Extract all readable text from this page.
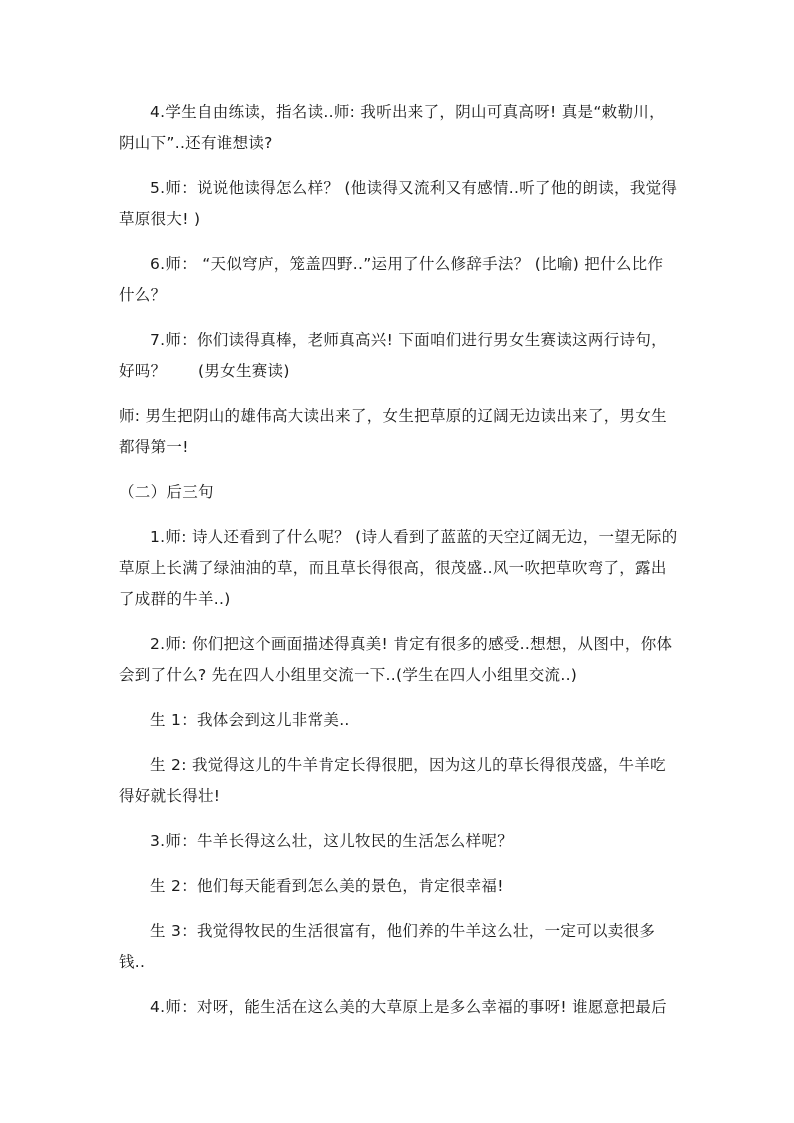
4.学生自由练读，指名读..师: 我听出来了，阴山可真高呀! 真是“敕勒川，阴山下”..还有谁想读?

5.师：说说他读得怎么样？ (他读得又流利又有感情..听了他的朗读，我觉得草原很大! )

6.师： “天似穹庐，笼盖四野..”运用了什么修辞手法？ (比喻) 把什么比作什么？

7.师：你们读得真棒，老师真高兴! 下面咱们进行男女生赛读这两行诗句，好吗？　　(男女生赛读)

师: 男生把阴山的雄伟高大读出来了，女生把草原的辽阔无边读出来了，男女生都得第一!

（二）后三句

1.师: 诗人还看到了什么呢？ (诗人看到了蓝蓝的天空辽阔无边，一望无际的草原上长满了绿油油的草，而且草长得很高，很茂盛..风一吹把草吹弯了，露出了成群的牛羊..)

2.师: 你们把这个画面描述得真美! 肯定有很多的感受..想想，从图中，你体会到了什么? 先在四人小组里交流一下..(学生在四人小组里交流..)

生 1：我体会到这儿非常美..

生 2: 我觉得这儿的牛羊肯定长得很肥，因为这儿的草长得很茂盛，牛羊吃得好就长得壮!

3.师：牛羊长得这么壮，这儿牧民的生活怎么样呢？

生 2：他们每天能看到怎么美的景色，肯定很幸福!

生 3：我觉得牧民的生活很富有，他们养的牛羊这么壮，一定可以卖很多钱..

4.师：对呀，能生活在这么美的大草原上是多么幸福的事呀! 谁愿意把最后
